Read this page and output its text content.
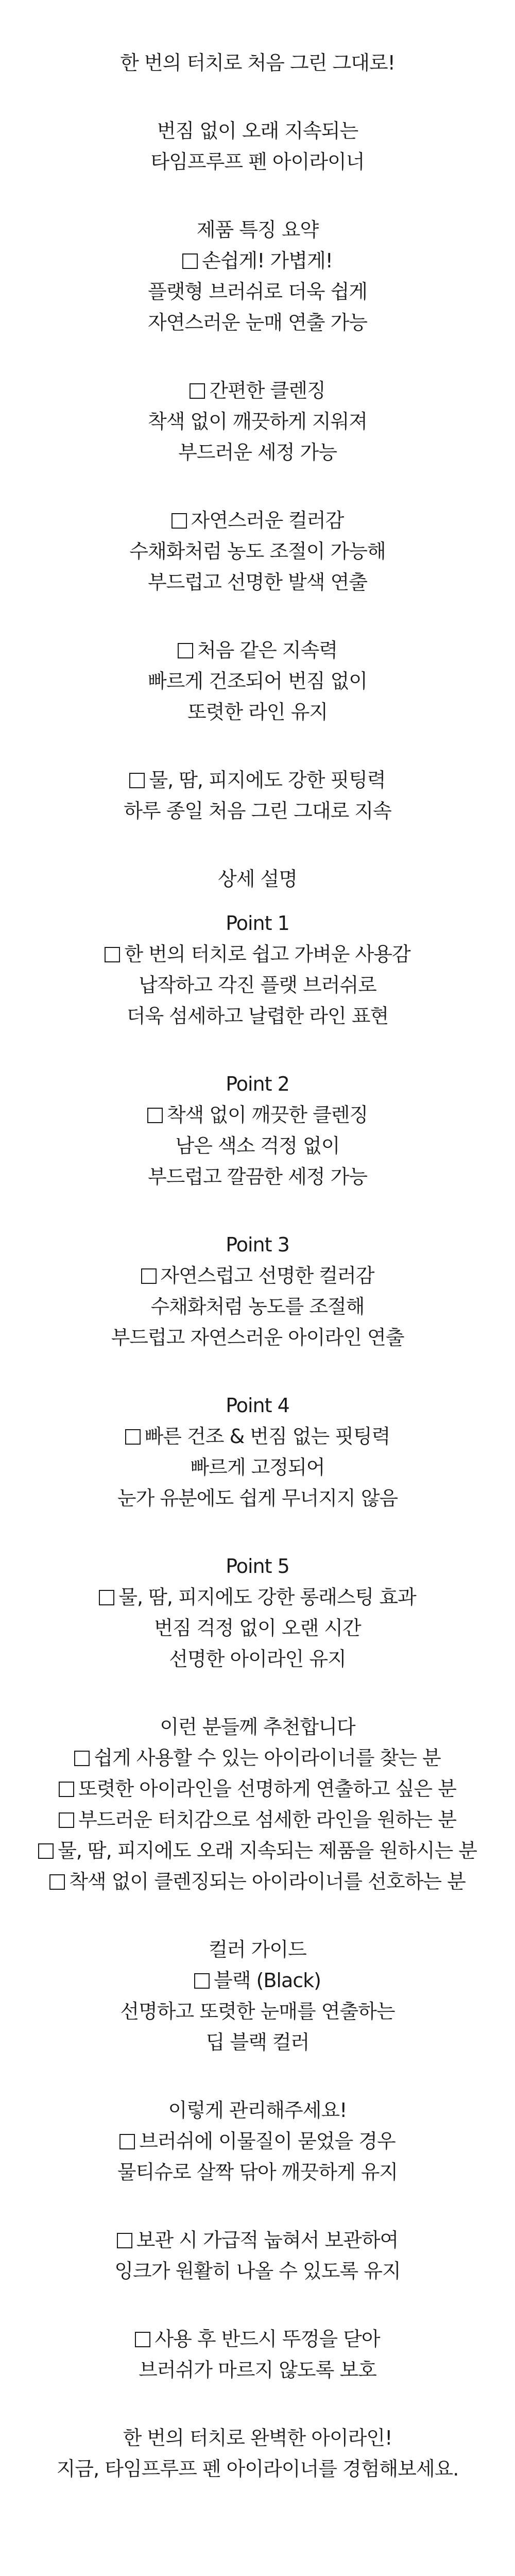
한 번의 터치로 처음 그린 그대로!
번짐 없이 오래 지속되는
타임프루프 펜 아이라이너
제품 특징 요약
손쉽게! 가볍게!
플랫형 브러쉬로 더욱 쉽게
자연스러운 눈매 연출 가능
간편한 클렌징
착색 없이 깨끗하게 지워져
부드러운 세정 가능
자연스러운 컬러감
수채화처럼 농도 조절이 가능해
부드럽고 선명한 발색 연출
처음 같은 지속력
빠르게 건조되어 번짐 없이
또렷한 라인 유지
물, 땀, 피지에도 강한 핏팅력
하루 종일 처음 그린 그대로 지속
상세 설명
Point 1
한 번의 터치로 쉽고 가벼운 사용감
납작하고 각진 플랫 브러쉬로
더욱 섬세하고 날렵한 라인 표현
Point 2
착색 없이 깨끗한 클렌징
남은 색소 걱정 없이
부드럽고 깔끔한 세정 가능
Point 3
자연스럽고 선명한 컬러감
수채화처럼 농도를 조절해
부드럽고 자연스러운 아이라인 연출
Point 4
빠른 건조 & 번짐 없는 핏팅력
빠르게 고정되어
눈가 유분에도 쉽게 무너지지 않음
Point 5
물, 땀, 피지에도 강한 롱래스팅 효과
번짐 걱정 없이 오랜 시간
선명한 아이라인 유지
이런 분들께 추천합니다
쉽게 사용할 수 있는 아이라이너를 찾는 분
또렷한 아이라인을 선명하게 연출하고 싶은 분
부드러운 터치감으로 섬세한 라인을 원하는 분
물, 땀, 피지에도 오래 지속되는 제품을 원하시는 분
착색 없이 클렌징되는 아이라이너를 선호하는 분
컬러 가이드
블랙 (Black)
선명하고 또렷한 눈매를 연출하는
딥 블랙 컬러
이렇게 관리해주세요!
브러쉬에 이물질이 묻었을 경우
물티슈로 살짝 닦아 깨끗하게 유지
보관 시 가급적 눕혀서 보관하여
잉크가 원활히 나올 수 있도록 유지
사용 후 반드시 뚜껑을 닫아
브러쉬가 마르지 않도록 보호
한 번의 터치로 완벽한 아이라인!
지금, 타임프루프 펜 아이라이너를 경험해보세요.
